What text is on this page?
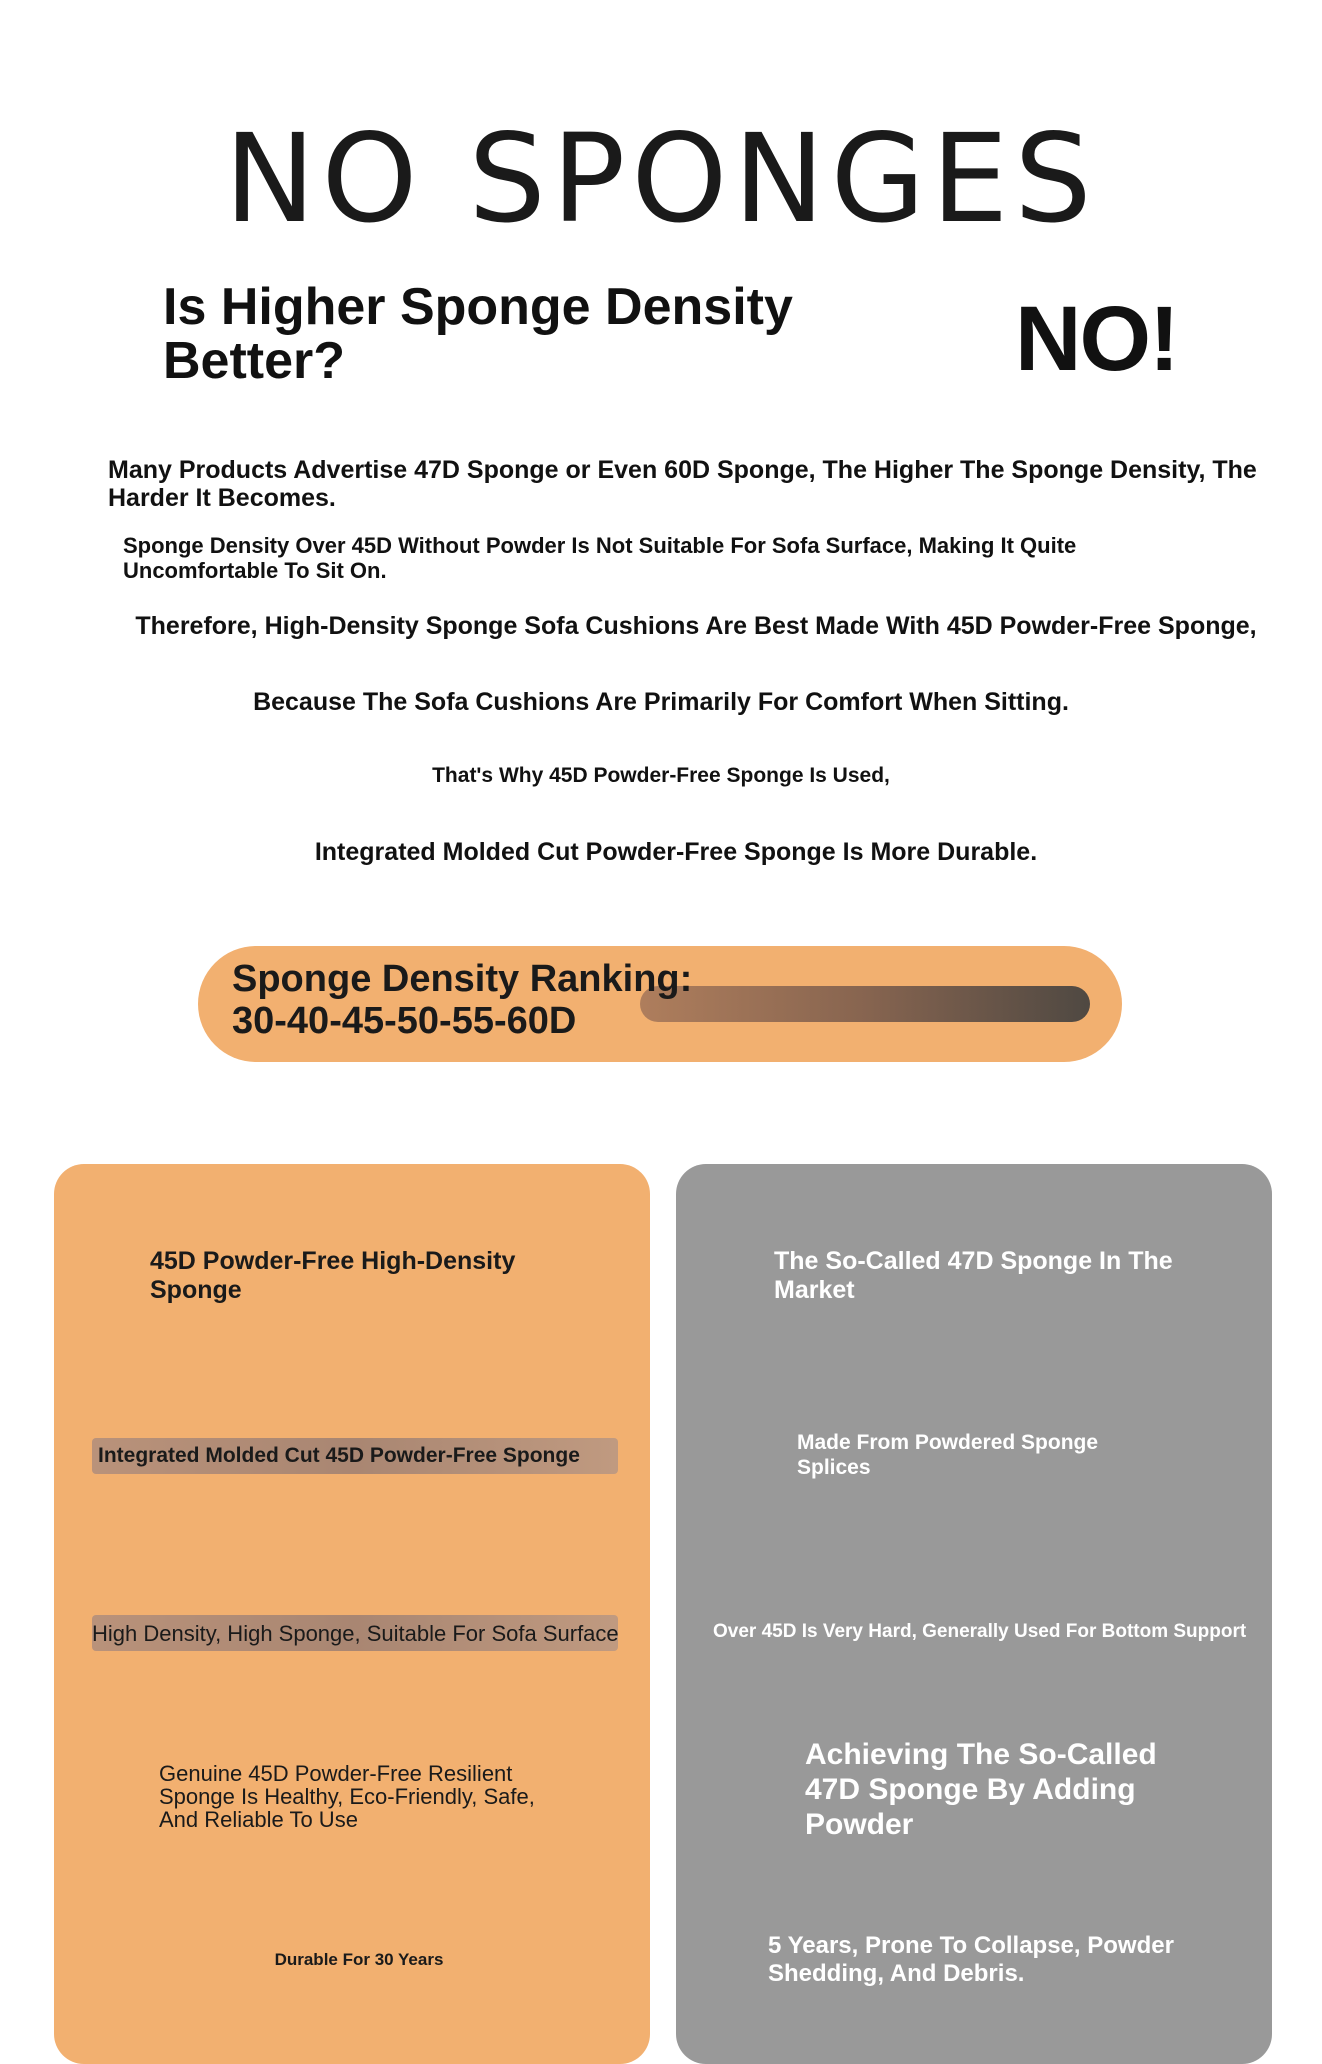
NO SPONGES
Is Higher Sponge Density Better?	NO!
Many Products Advertise 47D Sponge or Even 60D Sponge, The Higher The Sponge Density, The Harder It Becomes.
Sponge Density Over 45D Without Powder Is Not Suitable For Sofa Surface, Making It Quite Uncomfortable To Sit On.
Therefore, High-Density Sponge Sofa Cushions Are Best Made With 45D Powder-Free Sponge,
Because The Sofa Cushions Are Primarily For Comfort When Sitting.
That's Why 45D Powder-Free Sponge Is Used,
Integrated Molded Cut Powder-Free Sponge Is More Durable.
Sponge Density Ranking:
30-40-45-50-55-60D
45D Powder-Free High-Density Sponge
Integrated Molded Cut 45D Powder-Free Sponge
High Density, High Sponge, Suitable For Sofa Surface
Genuine 45D Powder-Free Resilient Sponge Is Healthy, Eco-Friendly, Safe, And Reliable To Use
Durable For 30 Years
The So-Called 47D Sponge In The Market
Made From Powdered Sponge Splices
Over 45D Is Very Hard, Generally Used For Bottom Support
Achieving The So-Called 47D Sponge By Adding Powder
5 Years, Prone To Collapse, Powder Shedding, And Debris.
